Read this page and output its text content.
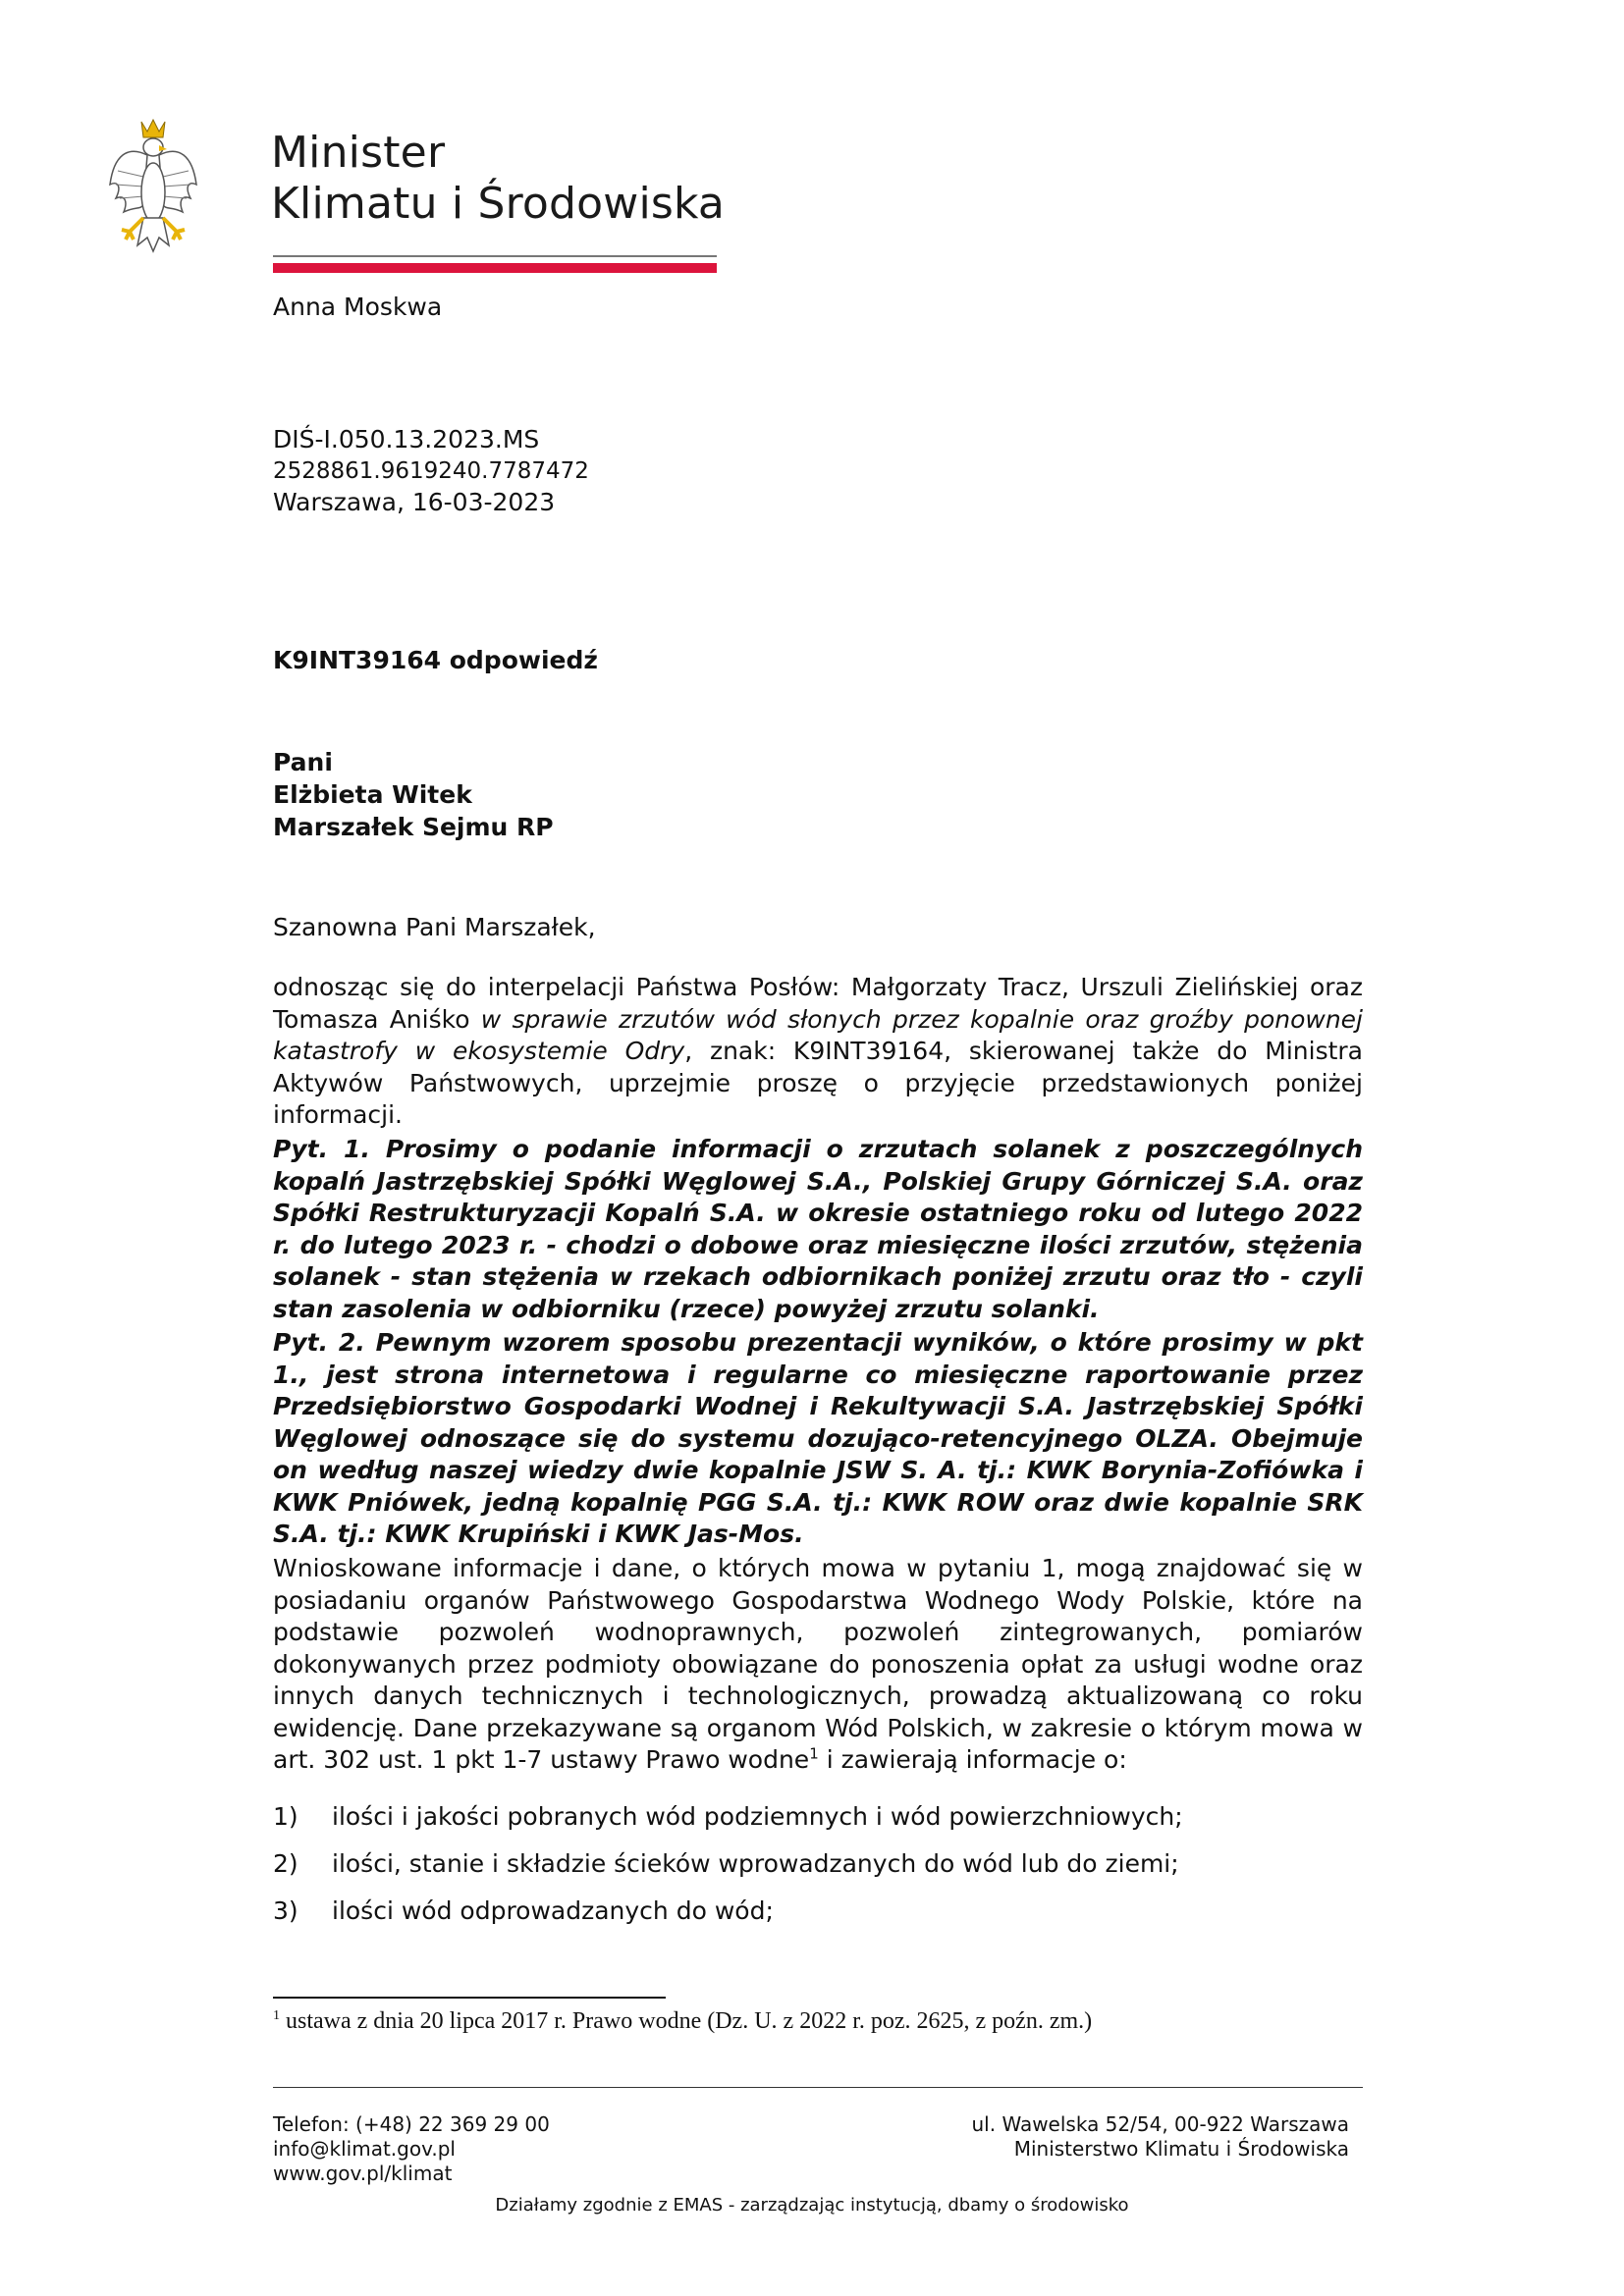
Minister
Klimatu i Środowiska
Anna Moskwa
DIŚ-I.050.13.2023.MS
2528861.9619240.7787472
Warszawa, 16-03-2023
K9INT39164 odpowiedź
Pani
Elżbieta Witek
Marszałek Sejmu RP
Szanowna Pani Marszałek,

odnosząc się do interpelacji Państwa Posłów: Małgorzaty Tracz, Urszuli Zielińskiej oraz Tomasza Aniśko w sprawie zrzutów wód słonych przez kopalnie oraz groźby ponownej katastrofy w ekosystemie Odry, znak: K9INT39164, skierowanej także do Ministra Aktywów Państwowych, uprzejmie proszę o przyjęcie przedstawionych poniżej informacji.

Pyt. 1. Prosimy o podanie informacji o zrzutach solanek z poszczególnych kopalń Jastrzębskiej Spółki Węglowej S.A., Polskiej Grupy Górniczej S.A. oraz Spółki Restrukturyzacji Kopalń S.A. w okresie ostatniego roku od lutego 2022 r. do lutego 2023 r. - chodzi o dobowe oraz miesięczne ilości zrzutów, stężenia solanek - stan stężenia w rzekach odbiornikach poniżej zrzutu oraz tło - czyli stan zasolenia w odbiorniku (rzece) powyżej zrzutu solanki.
Pyt. 2. Pewnym wzorem sposobu prezentacji wyników, o które prosimy w pkt 1., jest strona internetowa i regularne co miesięczne raportowanie przez Przedsiębiorstwo Gospodarki Wodnej i Rekultywacji S.A. Jastrzębskiej Spółki Węglowej odnoszące się do systemu dozująco-retencyjnego OLZA. Obejmuje on według naszej wiedzy dwie kopalnie JSW S. A. tj.: KWK Borynia-Zofiówka i KWK Pniówek, jedną kopalnię PGG S.A. tj.: KWK ROW oraz dwie kopalnie SRK S.A. tj.: KWK Krupiński i KWK Jas-Mos.

Wnioskowane informacje i dane, o których mowa w pytaniu 1, mogą znajdować się w posiadaniu organów Państwowego Gospodarstwa Wodnego Wody Polskie, które na podstawie pozwoleń wodnoprawnych, pozwoleń zintegrowanych, pomiarów dokonywanych przez podmioty obowiązane do ponoszenia opłat za usługi wodne oraz innych danych technicznych i technologicznych, prowadzą aktualizowaną co roku ewidencję. Dane przekazywane są organom Wód Polskich, w zakresie o którym mowa w art. 302 ust. 1 pkt 1-7 ustawy Prawo wodne$^1$ i zawierają informacje o:

1) ilości i jakości pobranych wód podziemnych i wód powierzchniowych;
2) ilości, stanie i składzie ścieków wprowadzanych do wód lub do ziemi;
3) ilości wód odprowadzanych do wód;
$^1$ ustawa z dnia 20 lipca 2017 r. Prawo wodne (Dz. U. z 2022 r. poz. 2625, z poźn. zm.)
Telefon: (+48) 22 369 29 00
info@klimat.gov.pl
www.gov.pl/klimat
ul. Wawelska 52/54, 00-922 Warszawa
Ministerstwo Klimatu i Środowiska
Działamy zgodnie z EMAS - zarządzając instytucją, dbamy o środowisko
